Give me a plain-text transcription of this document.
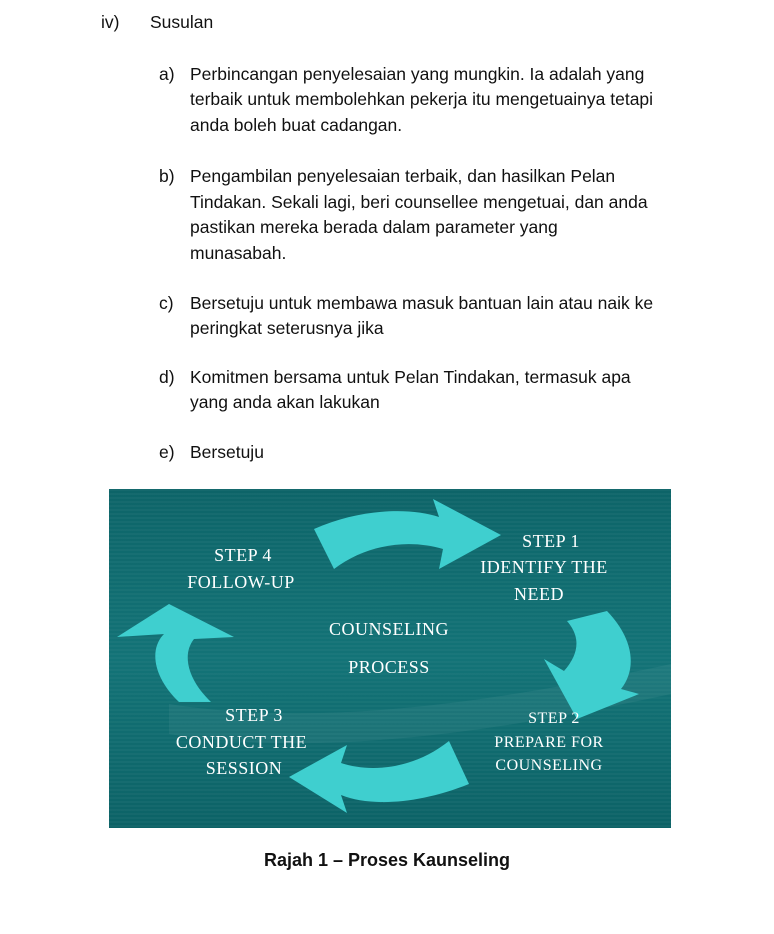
iv) Susulan
a) Perbincangan penyelesaian yang mungkin. Ia adalah yang
terbaik untuk membolehkan pekerja itu mengetuainya tetapi
anda boleh buat cadangan.
b) Pengambilan penyelesaian terbaik, dan hasilkan Pelan
Tindakan. Sekali lagi, beri counsellee mengetuai, dan anda
pastikan mereka berada dalam parameter yang
munasabah.
c) Bersetuju untuk membawa masuk bantuan lain atau naik ke
peringkat seterusnya jika
d) Komitmen bersama untuk Pelan Tindakan, termasuk apa
yang anda akan lakukan
e) Bersetuju
STEP 1
IDENTIFY THE
NEED
STEP 4
FOLLOW-UP
COUNSELING
PROCESS
STEP 3
CONDUCT THE
SESSION
STEP 2
PREPARE FOR
COUNSELING
Rajah 1 – Proses Kaunseling
